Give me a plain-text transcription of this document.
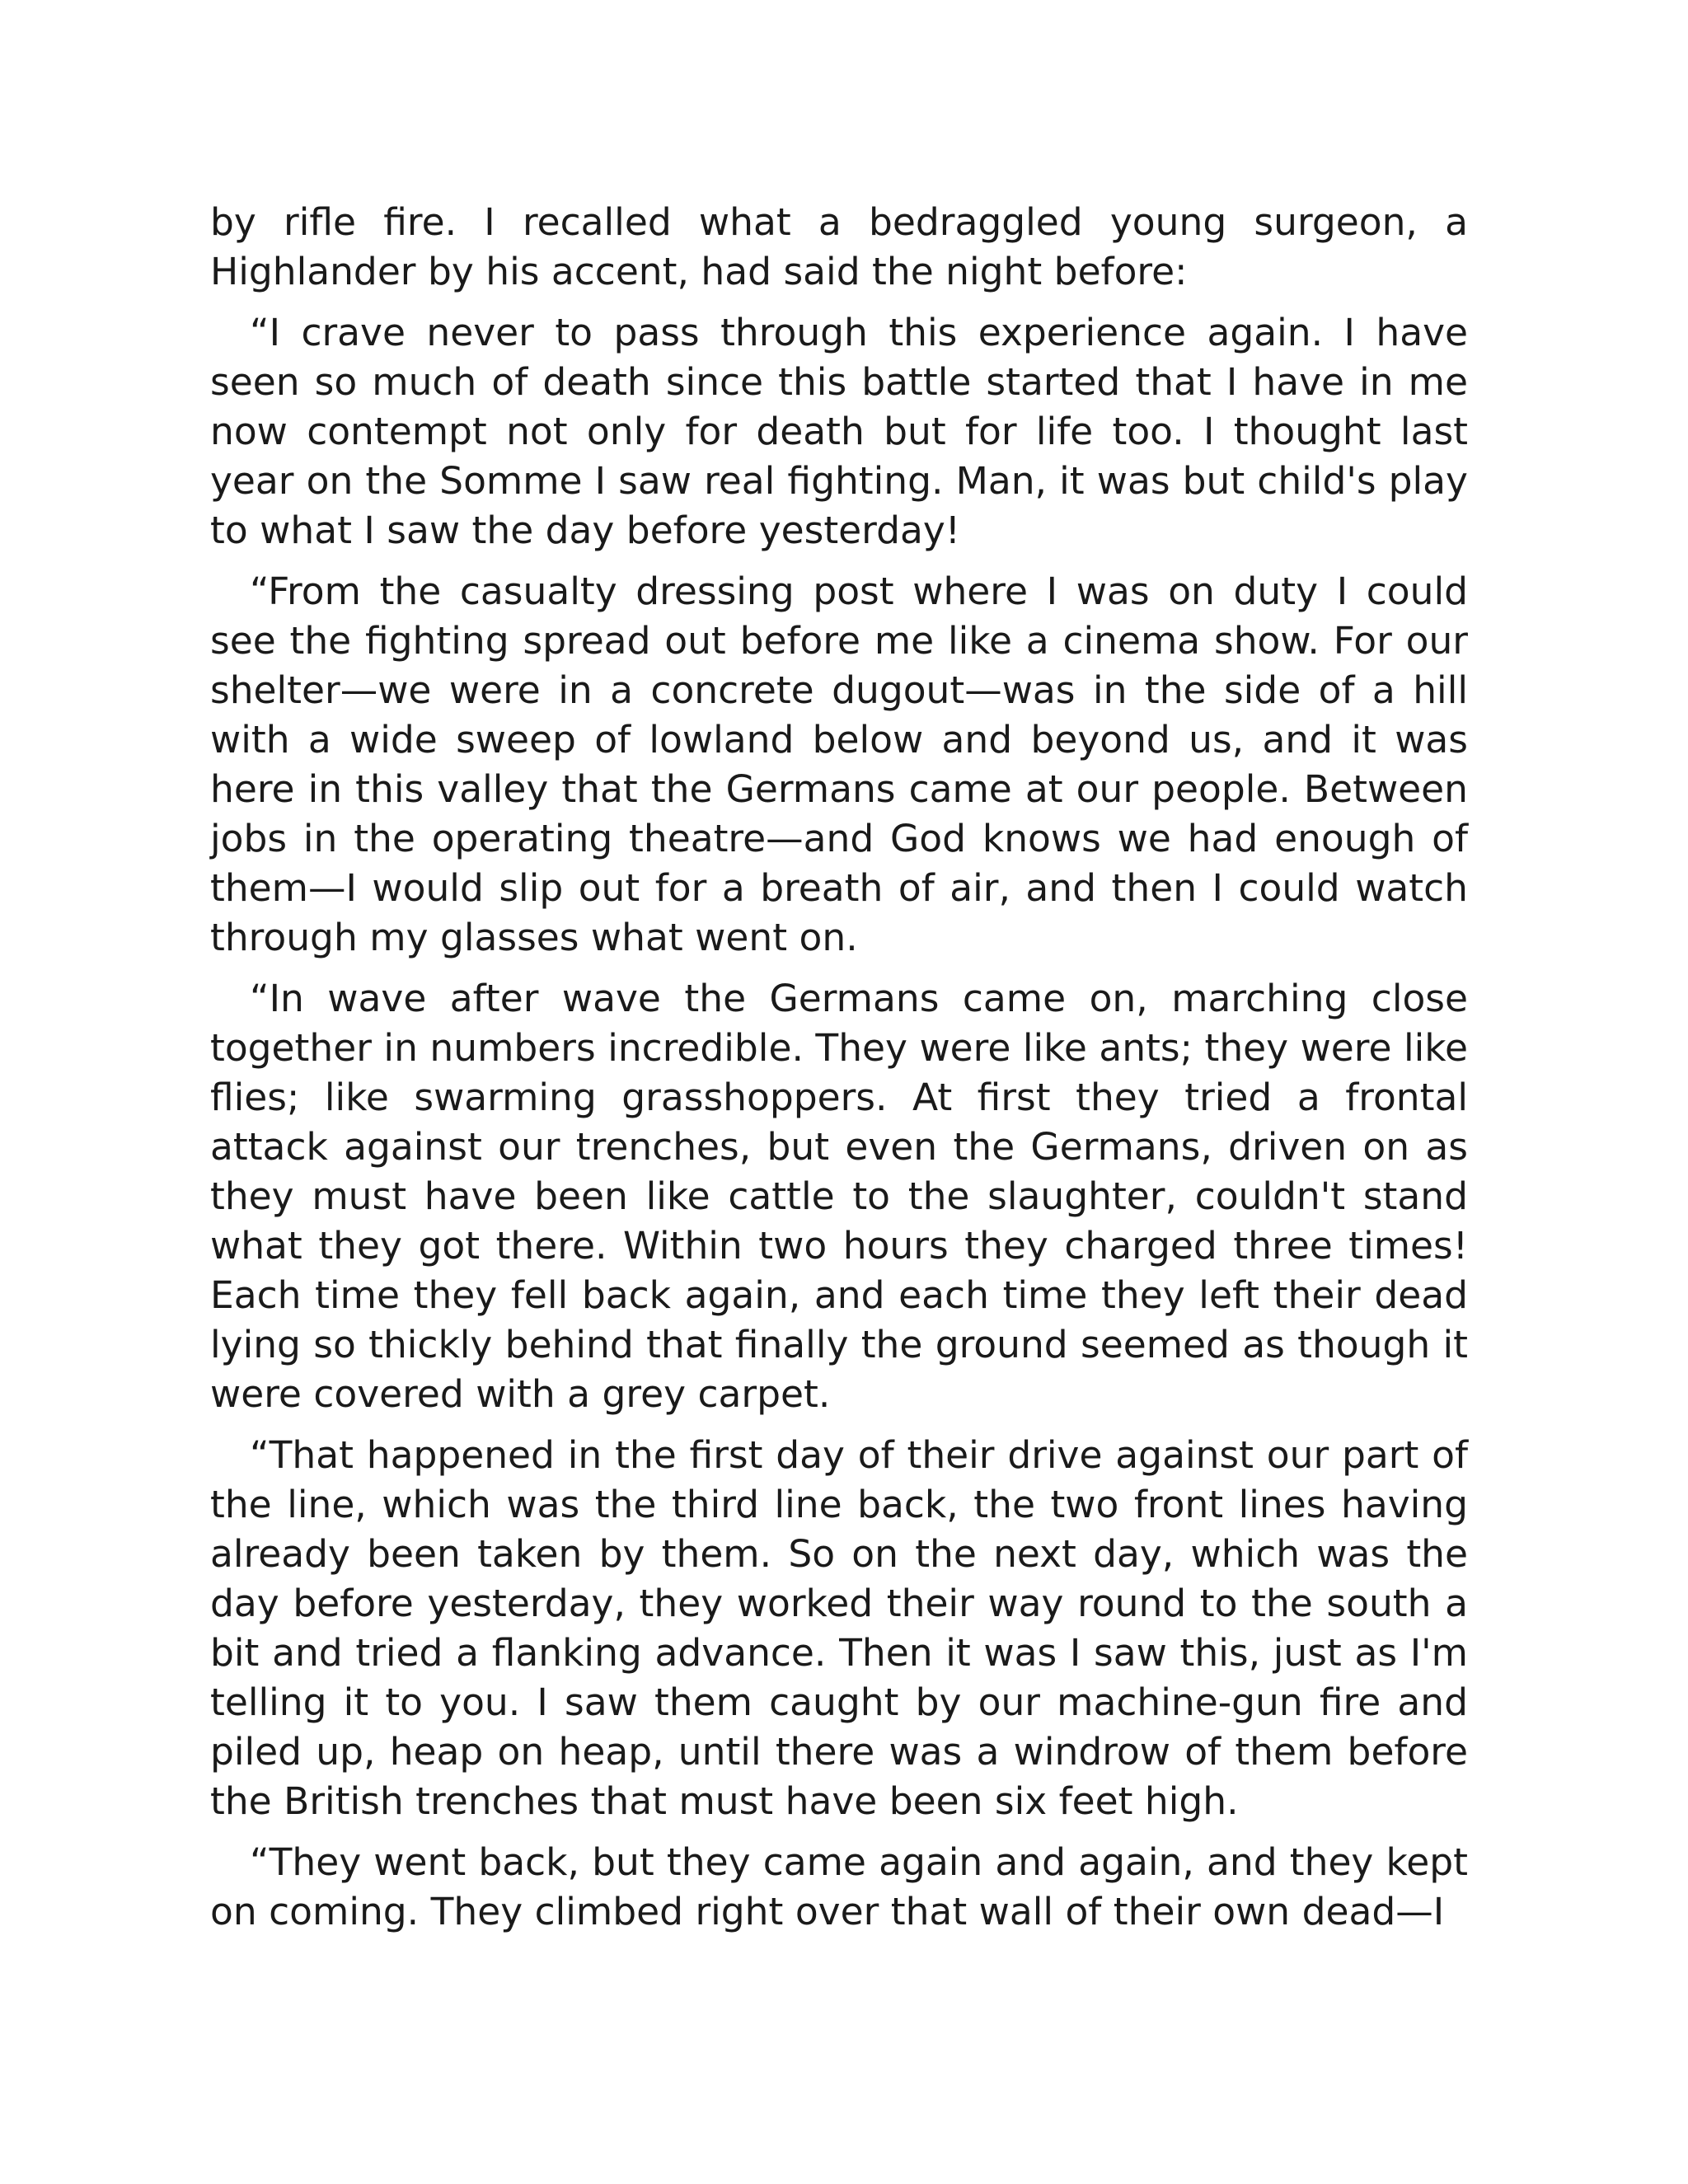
by rifle fire. I recalled what a bedraggled young surgeon, a Highlander by his accent, had said the night before:

“I crave never to pass through this experience again. I have seen so much of death since this battle started that I have in me now contempt not only for death but for life too. I thought last year on the Somme I saw real fighting. Man, it was but child's play to what I saw the day before yesterday!

“From the casualty dressing post where I was on duty I could see the fighting spread out before me like a cinema show. For our shelter—we were in a concrete dugout—was in the side of a hill with a wide sweep of lowland below and beyond us, and it was here in this valley that the Germans came at our people. Between jobs in the operating theatre—and God knows we had enough of them—I would slip out for a breath of air, and then I could watch through my glasses what went on.

“In wave after wave the Germans came on, marching close together in numbers incredible. They were like ants; they were like flies; like swarming grasshoppers. At first they tried a frontal attack against our trenches, but even the Germans, driven on as they must have been like cattle to the slaughter, couldn't stand what they got there. Within two hours they charged three times! Each time they fell back again, and each time they left their dead lying so thickly behind that finally the ground seemed as though it were covered with a grey carpet.

“That happened in the first day of their drive against our part of the line, which was the third line back, the two front lines having already been taken by them. So on the next day, which was the day before yesterday, they worked their way round to the south a bit and tried a flanking advance. Then it was I saw this, just as I'm telling it to you. I saw them caught by our machine-gun fire and piled up, heap on heap, until there was a windrow of them before the British trenches that must have been six feet high.

“They went back, but they came again and again, and they kept on coming. They climbed right over that wall of their own dead—I
